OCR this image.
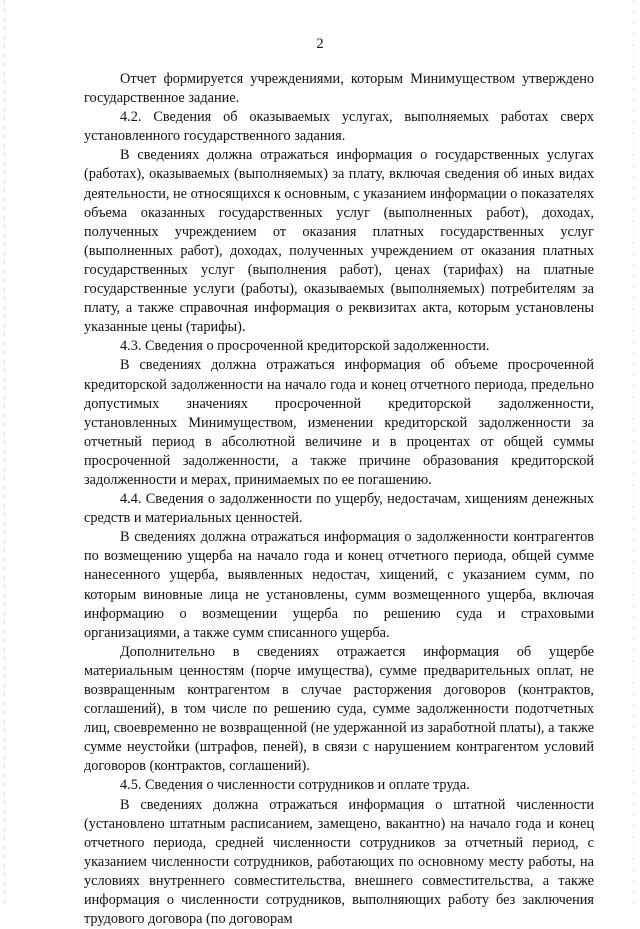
2

Отчет формируется учреждениями, которым Минимуществом утверждено государственное задание.

4.2. Сведения об оказываемых услугах, выполняемых работах сверх установленного государственного задания.

В сведениях должна отражаться информация о государственных услугах (работах), оказываемых (выполняемых) за плату, включая сведения об иных видах деятельности, не относящихся к основным, с указанием информации о показателях объема оказанных государственных услуг (выполненных работ), доходах, полученных учреждением от оказания платных государственных услуг (выполненных работ), доходах, полученных учреждением от оказания платных государственных услуг (выполнения работ), ценах (тарифах) на платные государственные услуги (работы), оказываемых (выполняемых) потребителям за плату, а также справочная информация о реквизитах акта, которым установлены указанные цены (тарифы).

4.3. Сведения о просроченной кредиторской задолженности.

В сведениях должна отражаться информация об объеме просроченной кредиторской задолженности на начало года и конец отчетного периода, предельно допустимых значениях просроченной кредиторской задолженности, установленных Минимуществом, изменении кредиторской задолженности за отчетный период в абсолютной величине и в процентах от общей суммы просроченной задолженности, а также причине образования кредиторской задолженности и мерах, принимаемых по ее погашению.

4.4. Сведения о задолженности по ущербу, недостачам, хищениям денежных средств и материальных ценностей.

В сведениях должна отражаться информация о задолженности контрагентов по возмещению ущерба на начало года и конец отчетного периода, общей сумме нанесенного ущерба, выявленных недостач, хищений, с указанием сумм, по которым виновные лица не установлены, сумм возмещенного ущерба, включая информацию о возмещении ущерба по решению суда и страховыми организациями, а также сумм списанного ущерба.

Дополнительно в сведениях отражается информация об ущербе материальным ценностям (порче имущества), сумме предварительных оплат, не возвращенным контрагентом в случае расторжения договоров (контрактов, соглашений), в том числе по решению суда, сумме задолженности подотчетных лиц, своевременно не возвращенной (не удержанной из заработной платы), а также сумме неустойки (штрафов, пеней), в связи с нарушением контрагентом условий договоров (контрактов, соглашений).

4.5. Сведения о численности сотрудников и оплате труда.

В сведениях должна отражаться информация о штатной численности (установлено штатным расписанием, замещено, вакантно) на начало года и конец отчетного периода, средней численности сотрудников за отчетный период, с указанием численности сотрудников, работающих по основному месту работы, на условиях внутреннего совместительства, внешнего совместительства, а также информация о численности сотрудников, выполняющих работу без заключения трудового договора (по договорам
